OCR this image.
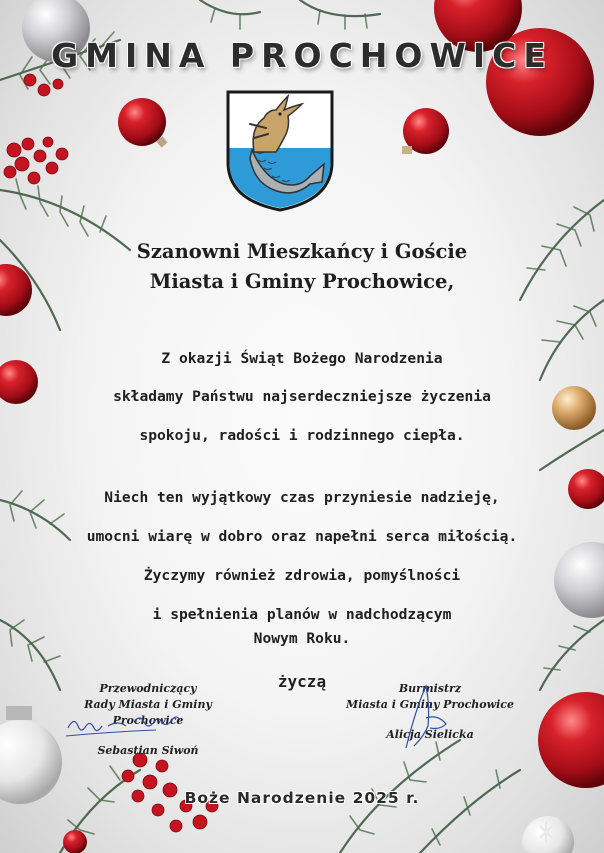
GMINA PROCHOWICE
Szanowni Mieszkańcy i Goście
Miasta i Gminy Prochowice,
Z okazji Świąt Bożego Narodzenia
składamy Państwu najserdeczniejsze życzenia
spokoju, radości i rodzinnego ciepła.
Niech ten wyjątkowy czas przyniesie nadzieję,
umocni wiarę w dobro oraz napełni serca miłością.
Życzymy również zdrowia, pomyślności
i spełnienia planów w nadchodzącym
Nowym Roku.
życzą
Przewodniczący
Rady Miasta i Gminy Prochowice
Sebastian Siwoń
Burmistrz
Miasta i Gminy Prochowice
Alicja Sielicka
Boże Narodzenie 2025 r.
